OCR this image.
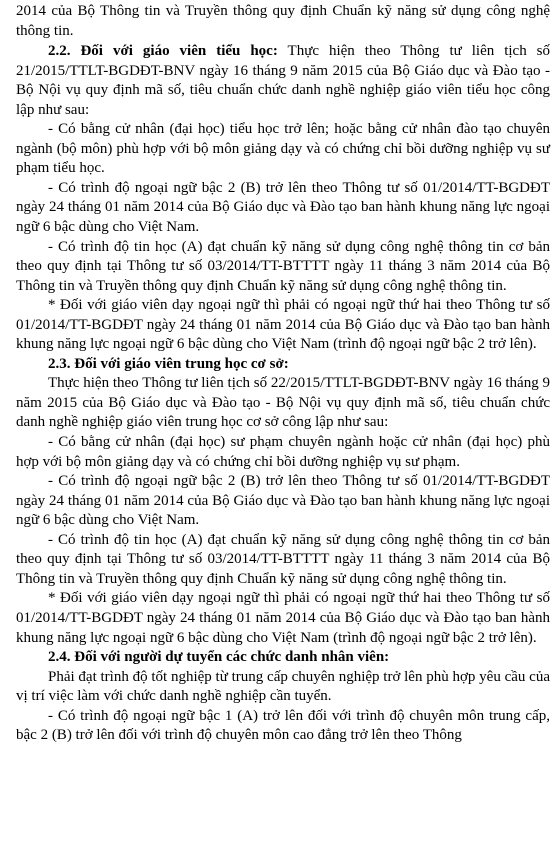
2014 của Bộ Thông tin và Truyền thông quy định Chuẩn kỹ năng sử dụng công nghệ thông tin.

2.2. Đối với giáo viên tiểu học: Thực hiện theo Thông tư liên tịch số 21/2015/TTLT-BGDĐT-BNV ngày 16 tháng 9 năm 2015 của Bộ Giáo dục và Đào tạo - Bộ Nội vụ quy định mã số, tiêu chuẩn chức danh nghề nghiệp giáo viên tiểu học công lập như sau:

- Có bằng cử nhân (đại học) tiểu học trở lên; hoặc bằng cử nhân đào tạo chuyên ngành (bộ môn) phù hợp với bộ môn giảng dạy và có chứng chỉ bồi dưỡng nghiệp vụ sư phạm tiểu học.

- Có trình độ ngoại ngữ bậc 2 (B) trở lên theo Thông tư số 01/2014/TT-BGDĐT ngày 24 tháng 01 năm 2014 của Bộ Giáo dục và Đào tạo ban hành khung năng lực ngoại ngữ 6 bậc dùng cho Việt Nam.

- Có trình độ tin học (A) đạt chuẩn kỹ năng sử dụng công nghệ thông tin cơ bản theo quy định tại Thông tư số 03/2014/TT-BTTTT ngày 11 tháng 3 năm 2014 của Bộ Thông tin và Truyền thông quy định Chuẩn kỹ năng sử dụng công nghệ thông tin.

* Đối với giáo viên dạy ngoại ngữ thì phải có ngoại ngữ thứ hai theo Thông tư số 01/2014/TT-BGDĐT ngày 24 tháng 01 năm 2014 của Bộ Giáo dục và Đào tạo ban hành khung năng lực ngoại ngữ 6 bậc dùng cho Việt Nam (trình độ ngoại ngữ bậc 2 trở lên).

2.3. Đối với giáo viên trung học cơ sở:

Thực hiện theo Thông tư liên tịch số 22/2015/TTLT-BGDĐT-BNV ngày 16 tháng 9 năm 2015 của Bộ Giáo dục và Đào tạo - Bộ Nội vụ quy định mã số, tiêu chuẩn chức danh nghề nghiệp giáo viên trung học cơ sở công lập như sau:

- Có bằng cử nhân (đại học) sư phạm chuyên ngành hoặc cử nhân (đại học) phù hợp với bộ môn giảng dạy và có chứng chỉ bồi dưỡng nghiệp vụ sư phạm.

- Có trình độ ngoại ngữ bậc 2 (B) trở lên theo Thông tư số 01/2014/TT-BGDĐT ngày 24 tháng 01 năm 2014 của Bộ Giáo dục và Đào tạo ban hành khung năng lực ngoại ngữ 6 bậc dùng cho Việt Nam.

- Có trình độ tin học (A) đạt chuẩn kỹ năng sử dụng công nghệ thông tin cơ bản theo quy định tại Thông tư số 03/2014/TT-BTTTT ngày 11 tháng 3 năm 2014 của Bộ Thông tin và Truyền thông quy định Chuẩn kỹ năng sử dụng công nghệ thông tin.

* Đối với giáo viên dạy ngoại ngữ thì phải có ngoại ngữ thứ hai theo Thông tư số 01/2014/TT-BGDĐT ngày 24 tháng 01 năm 2014 của Bộ Giáo dục và Đào tạo ban hành khung năng lực ngoại ngữ 6 bậc dùng cho Việt Nam (trình độ ngoại ngữ bậc 2 trở lên).

2.4. Đối với người dự tuyển các chức danh nhân viên:

Phải đạt trình độ tốt nghiệp từ trung cấp chuyên nghiệp trở lên phù hợp yêu cầu của vị trí việc làm với chức danh nghề nghiệp cần tuyển.

- Có trình độ ngoại ngữ bậc 1 (A) trở lên đối với trình độ chuyên môn trung cấp, bậc 2 (B) trở lên đối với trình độ chuyên môn cao đẳng trở lên theo Thông
